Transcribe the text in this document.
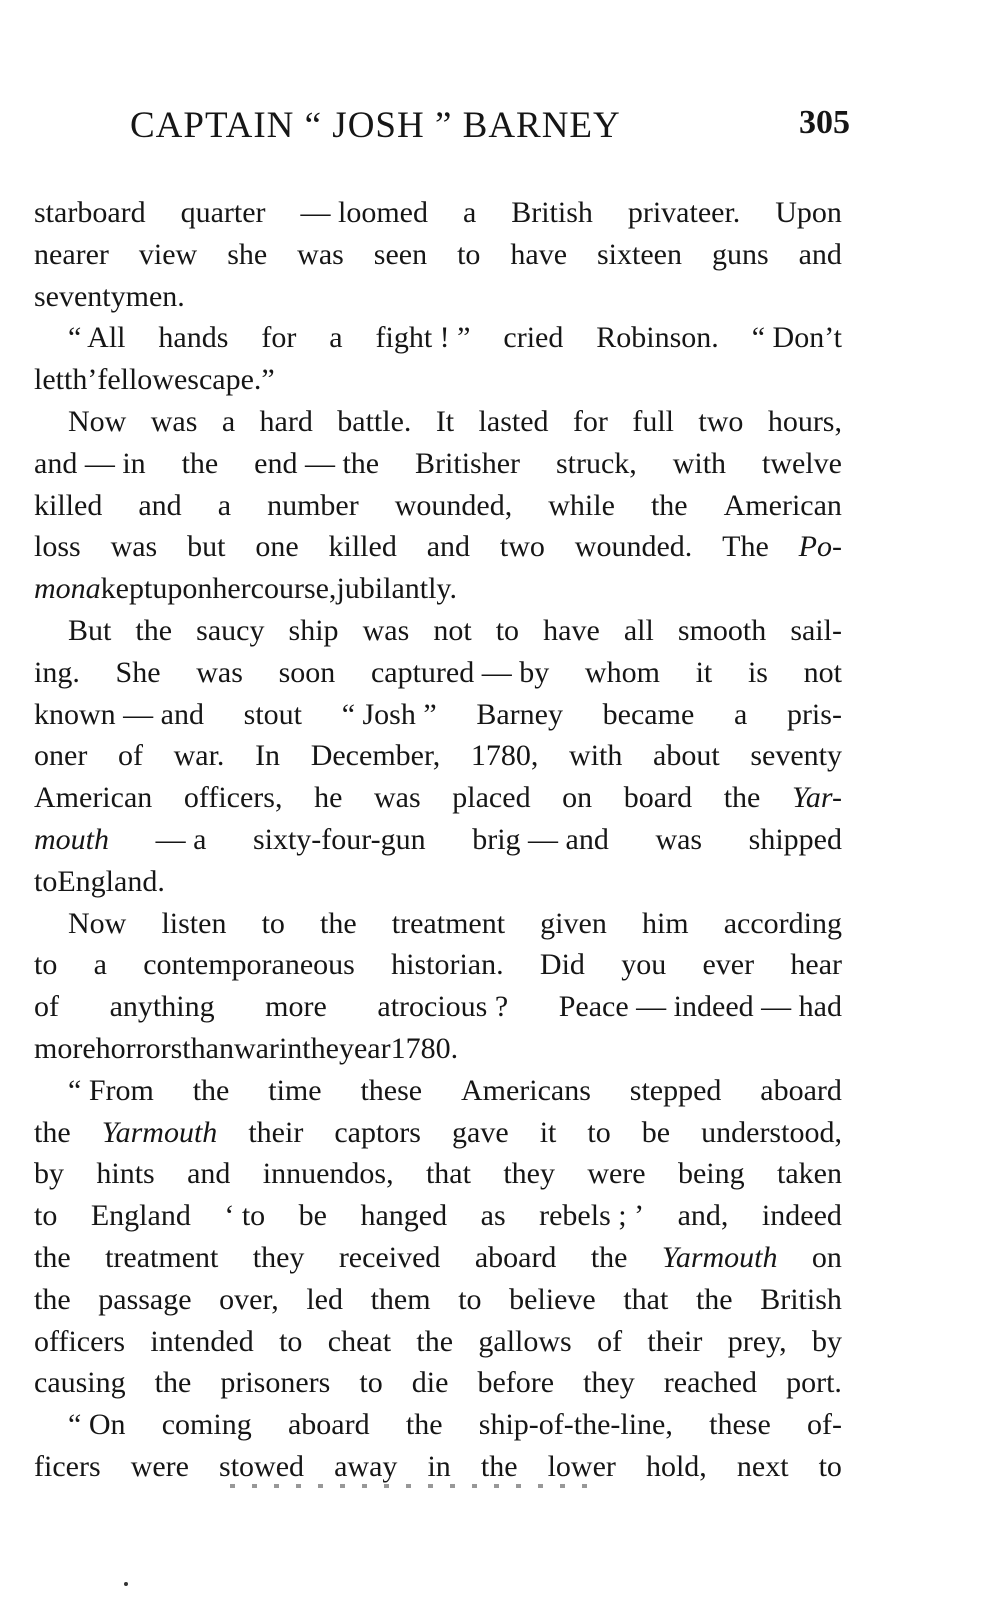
CAPTAIN “ JOSH ” BARNEY	305
starboard quarter — loomed a British privateer. Upon
nearer view she was seen to have sixteen guns and
seventy men.
“ All hands for a fight ! ” cried Robinson. “ Don’t
let th’ fellow escape.”
Now was a hard battle. It lasted for full two hours,
and — in the end — the Britisher struck, with twelve
killed and a number wounded, while the American
loss was but one killed and two wounded. The Po-
mona kept upon her course, jubilantly.
But the saucy ship was not to have all smooth sail-
ing. She was soon captured — by whom it is not
known — and stout “ Josh ” Barney became a pris-
oner of war. In December, 1780, with about seventy
American officers, he was placed on board the Yar-
mouth — a sixty-four-gun brig — and was shipped
to England.
Now listen to the treatment given him according
to a contemporaneous historian. Did you ever hear
of anything more atrocious ? Peace — indeed — had
more horrors than war in the year 1780.
“ From the time these Americans stepped aboard
the Yarmouth their captors gave it to be understood,
by hints and innuendos, that they were being taken
to England ‘ to be hanged as rebels ; ’ and, indeed
the treatment they received aboard the Yarmouth on
the passage over, led them to believe that the British
officers intended to cheat the gallows of their prey, by
causing the prisoners to die before they reached port.
“ On coming aboard the ship-of-the-line, these of-
ficers were stowed away in the lower hold, next to
